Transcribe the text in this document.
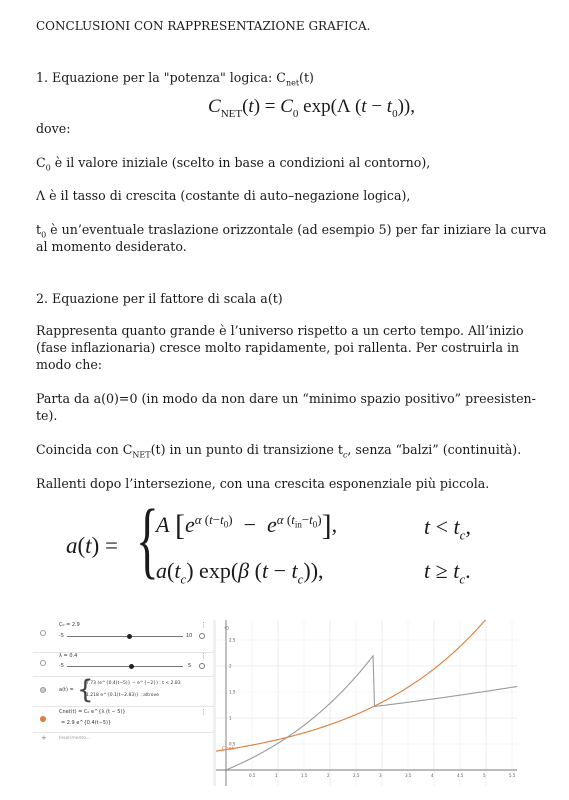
CONCLUSIONI CON RAPPRESENTAZIONE GRAFICA.
1. Equazione per la "potenza" logica: $C_{net}(t)$
$C_{NET}(t) = C_0$ exp(Λ $(t - t_0)$),
dove:
$C_0$ è il valore iniziale (scelto in base a condizioni al contorno),
Λ è il tasso di crescita (costante di auto–negazione logica),
$t_0$ è un’eventuale traslazione orizzontale (ad esempio 5) per far iniziare la curva
al momento desiderato.
2. Equazione per il fattore di scala a(t)
Rappresenta quanto grande è l’universo rispetto a un certo tempo. All’inizio
(fase inflazionaria) cresce molto rapidamente, poi rallenta. Per costruirla in
modo che:
Parta da a(0)=0 (in modo da non dare un “minimo spazio positivo” preesisten-
te).
Coincida con $C_{NET}(t)$ in un punto di transizione $t_c$, senza “balzi” (continuità).
Rallenti dopo l’intersezione, con una crescita esponenziale più piccola.
a(t) = {
A $[e^{\alpha (t-t_0)} - e^{\alpha (t_{in}-t_0)}]$,	$t < t_c$,
$a(t_c)$ exp(β $(t - t_c)$),	$t \ge t_c$.
C₀ = 2.9
-5	10
⋮
λ = 0.4
-5	5
⋮
a(t) = {
7.73 (e^{0.4(t−5)} − e^{−2}) : t < 2.83
1.218 e^{0.1(t−2.83)} : altrove
Cnet(t) = C₀ e^{λ (t − 5)}
= 2.9 e^{0.4(t−5)}
⋮
+	Inserimento...
0.5	1	1.5	2	2.5	3	3.5	4	4.5	5	5.5
0.5
1
1.5
2
2.5
Cnet
⟲
